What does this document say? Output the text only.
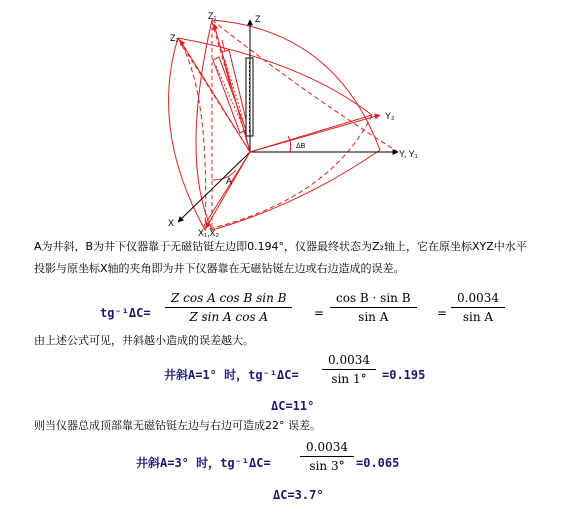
Z
Z₁
Z₂
Y₂
Y, Y₁
X
X₁,X₂
A
ΔB
A为井斜，B为井下仪器靠于无磁钻铤左边即0.194°，仪器最终状态为Z₂轴上，它在原坐标XYZ中水平
投影与原坐标X轴的夹角即为井下仪器靠在无磁钻铤左边或右边造成的误差。
$tg^{-1}\Delta C= \frac{\text{Z cos A cos B sin B}}{\text{Z sin A cos A}} = \frac{\text{cos B · sin B}}{\text{sin A}} = \frac{0.0034}{\text{sin A}}$
由上述公式可见，井斜越小造成的误差越大。
井斜A=1° 时，$tg^{-1}\Delta C= \frac{0.0034}{\sin 1^\circ} =0.195$
ΔC=11°
则当仪器总成顶部靠无磁钻铤左边与右边可造成22° 误差。
井斜A=3° 时，$tg^{-1}\Delta C= \frac{0.0034}{\sin 3^\circ} =0.065$
ΔC=3.7°
